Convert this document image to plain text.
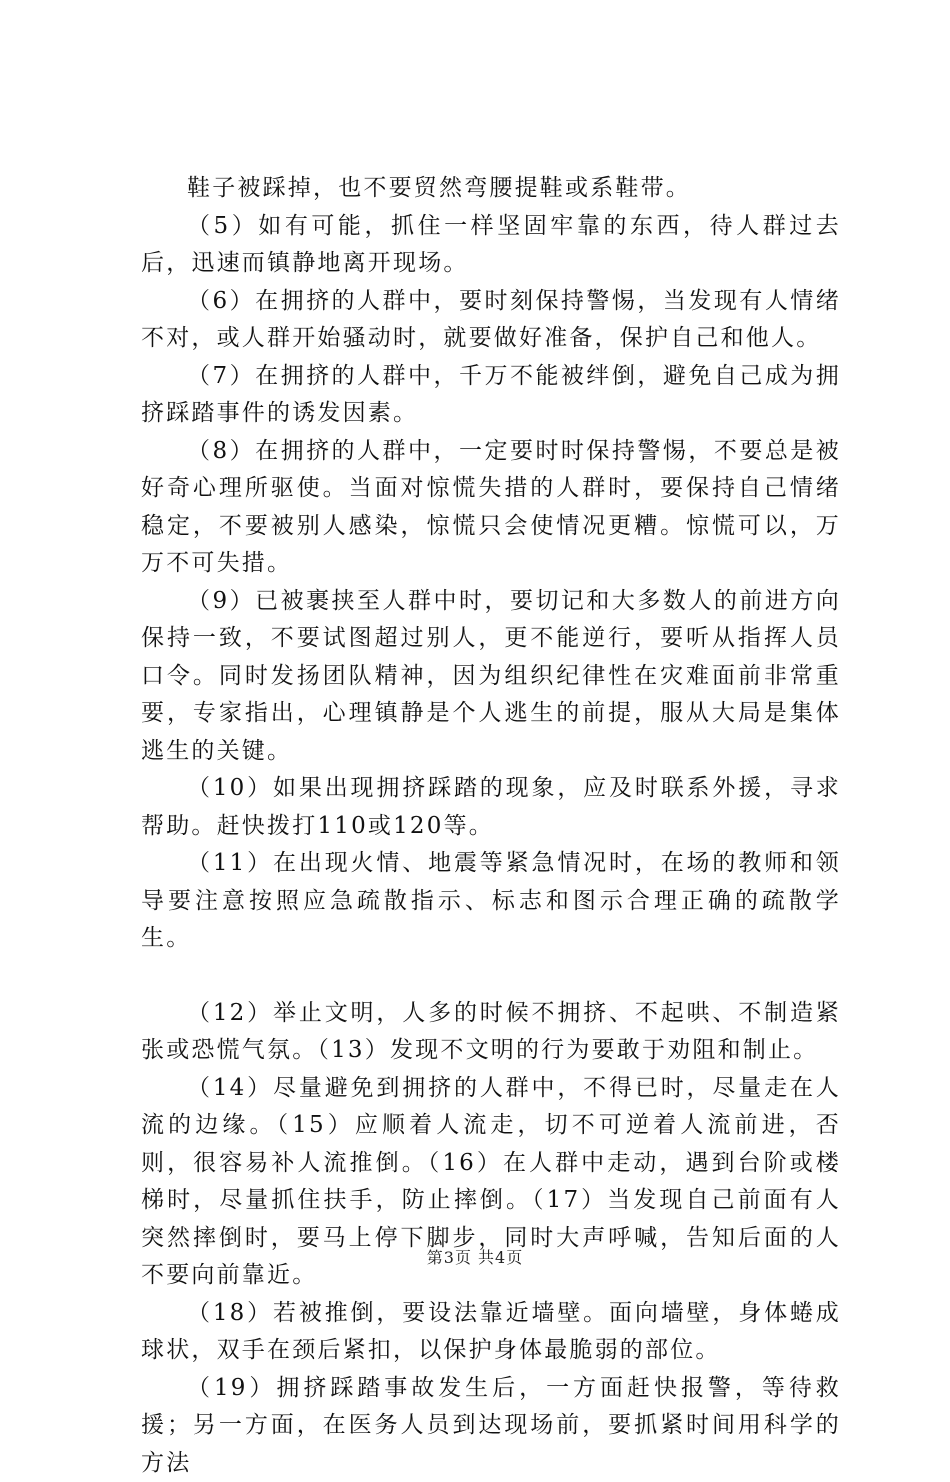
鞋子被踩掉，也不要贸然弯腰提鞋或系鞋带。

（5）如有可能，抓住一样坚固牢靠的东西，待人群过去后，迅速而镇静地离开现场。

（6）在拥挤的人群中，要时刻保持警惕，当发现有人情绪不对，或人群开始骚动时，就要做好准备，保护自己和他人。

（7）在拥挤的人群中，千万不能被绊倒，避免自己成为拥挤踩踏事件的诱发因素。

（8）在拥挤的人群中，一定要时时保持警惕，不要总是被好奇心理所驱使。当面对惊慌失措的人群时，要保持自己情绪稳定，不要被别人感染，惊慌只会使情况更糟。惊慌可以，万万不可失措。

（9）已被裹挟至人群中时，要切记和大多数人的前进方向保持一致，不要试图超过别人，更不能逆行，要听从指挥人员口令。同时发扬团队精神，因为组织纪律性在灾难面前非常重要，专家指出，心理镇静是个人逃生的前提，服从大局是集体逃生的关键。

（10）如果出现拥挤踩踏的现象，应及时联系外援，寻求帮助。赶快拨打110或120等。

（11）在出现火情、地震等紧急情况时，在场的教师和领导要注意按照应急疏散指示、标志和图示合理正确的疏散学生。

（12）举止文明，人多的时候不拥挤、不起哄、不制造紧张或恐慌气氛。（13）发现不文明的行为要敢于劝阻和制止。

（14）尽量避免到拥挤的人群中，不得已时，尽量走在人流的边缘。（15）应顺着人流走，切不可逆着人流前进，否则，很容易补人流推倒。（16）在人群中走动，遇到台阶或楼梯时，尽量抓住扶手，防止摔倒。（17）当发现自己前面有人突然摔倒时，要马上停下脚步，同时大声呼喊，告知后面的人不要向前靠近。

（18）若被推倒，要设法靠近墙壁。面向墙壁，身体蜷成球状，双手在颈后紧扣，以保护身体最脆弱的部位。

（19）拥挤踩踏事故发生后，一方面赶快报警，等待救援；另一方面，在医务人员到达现场前，要抓紧时间用科学的方法

第3页 共4页
